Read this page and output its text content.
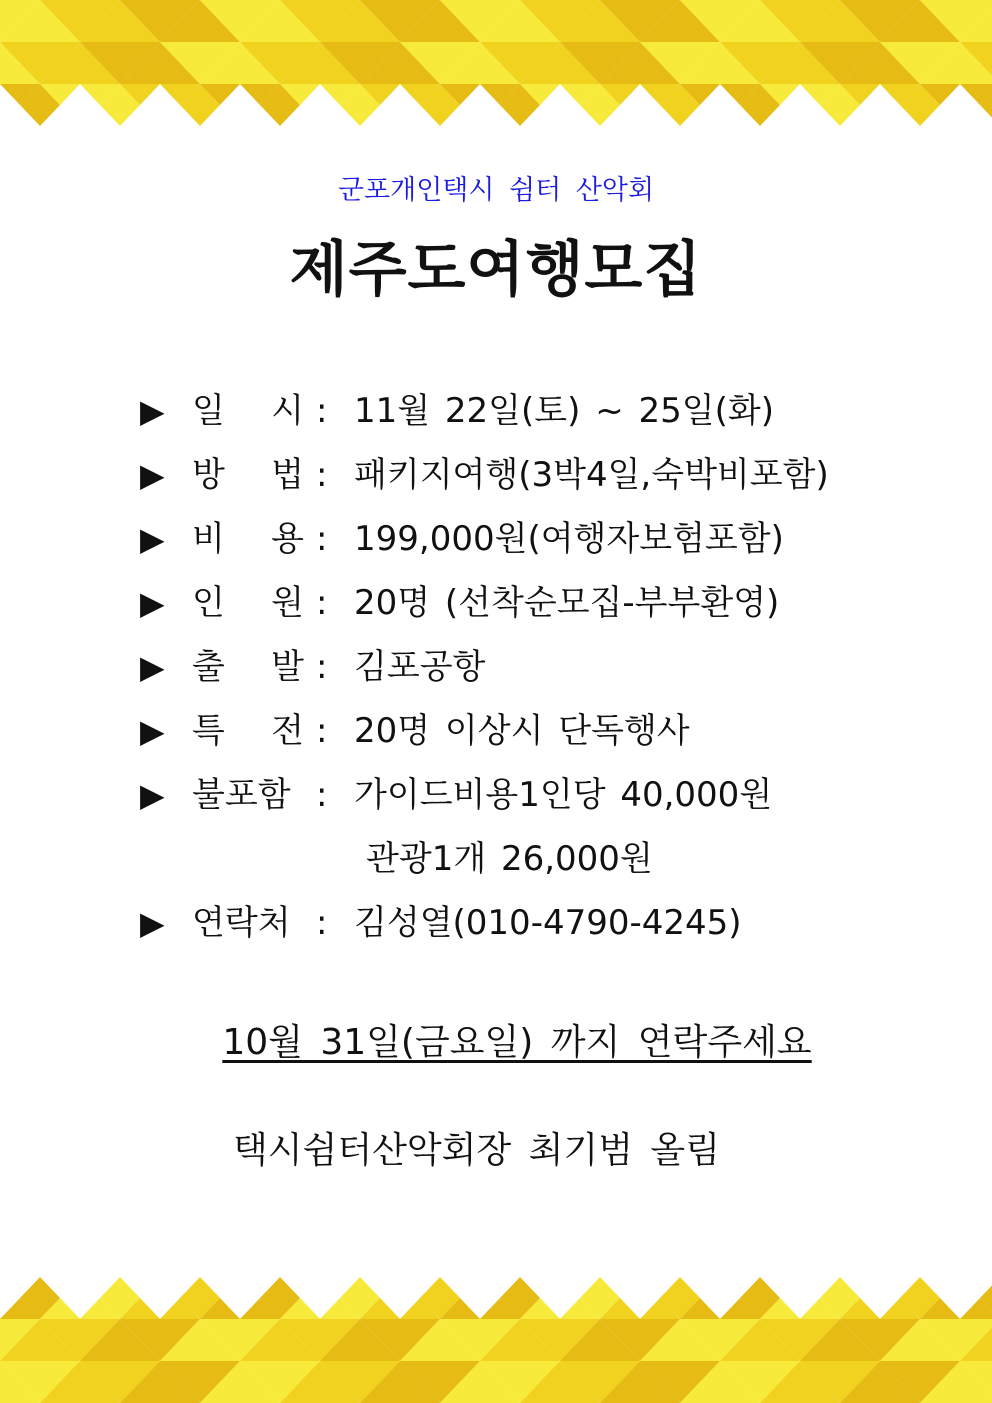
군포개인택시 쉼터 산악회
제주도여행모집
▶ 일 시 : 11월 22일(토) ~ 25일(화)
▶ 방 법 : 패키지여행(3박4일,숙박비포함)
▶ 비 용 : 199,000원(여행자보험포함)
▶ 인 원 : 20명 (선착순모집-부부환영)
▶ 출 발 : 김포공항
▶ 특 전 : 20명 이상시 단독행사
▶ 불포함 : 가이드비용1인당 40,000원
관광1개 26,000원
▶ 연락처 : 김성열(010-4790-4245)
10월 31일(금요일) 까지 연락주세요
택시쉼터산악회장 최기범 올림
